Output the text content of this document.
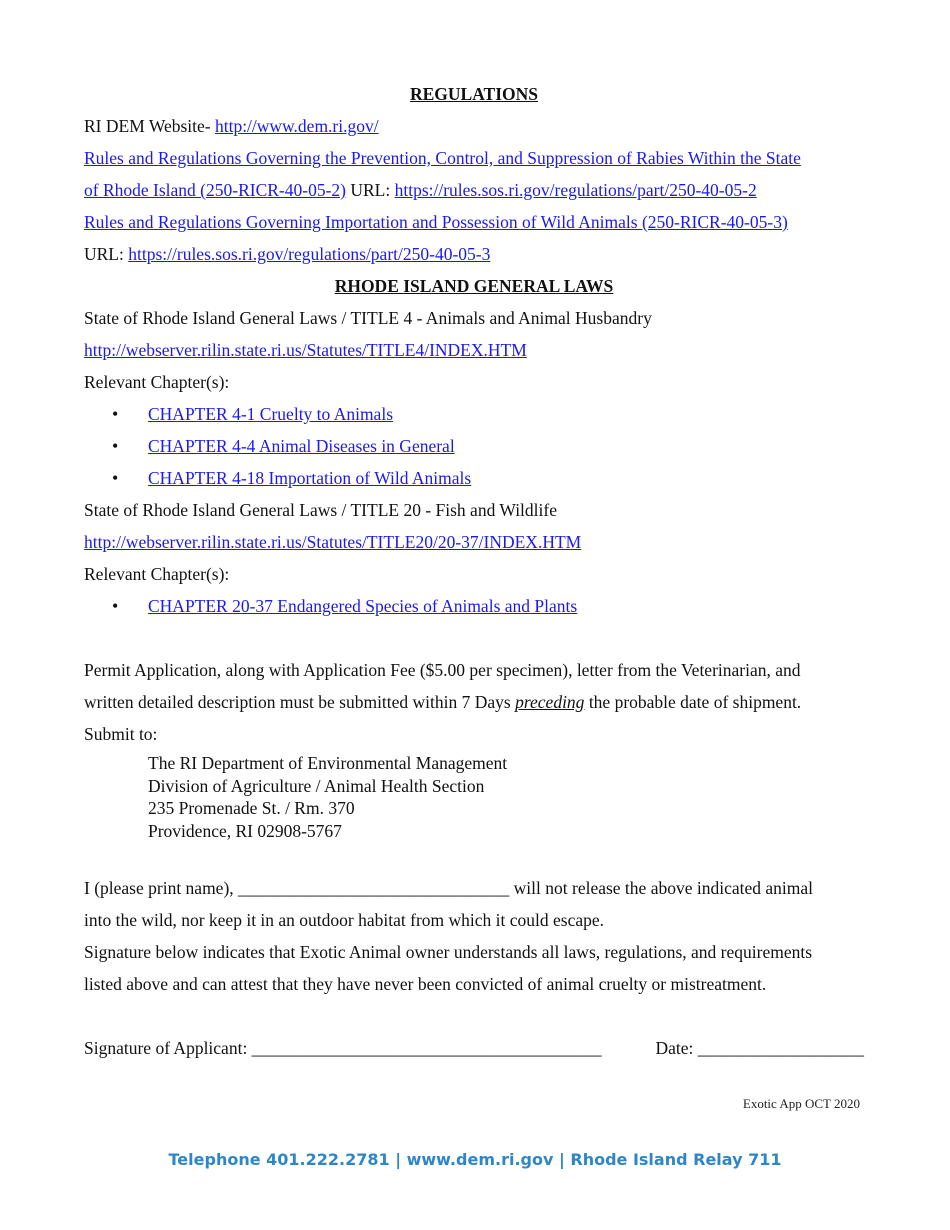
REGULATIONS
RI DEM Website- http://www.dem.ri.gov/
Rules and Regulations Governing the Prevention, Control, and Suppression of Rabies Within the State
of Rhode Island (250-RICR-40-05-2) URL: https://rules.sos.ri.gov/regulations/part/250-40-05-2
Rules and Regulations Governing Importation and Possession of Wild Animals (250-RICR-40-05-3)
URL: https://rules.sos.ri.gov/regulations/part/250-40-05-3
RHODE ISLAND GENERAL LAWS
State of Rhode Island General Laws / TITLE 4 - Animals and Animal Husbandry
http://webserver.rilin.state.ri.us/Statutes/TITLE4/INDEX.HTM
Relevant Chapter(s):
• CHAPTER 4-1 Cruelty to Animals
• CHAPTER 4-4 Animal Diseases in General
• CHAPTER 4-18 Importation of Wild Animals
State of Rhode Island General Laws / TITLE 20 - Fish and Wildlife
http://webserver.rilin.state.ri.us/Statutes/TITLE20/20-37/INDEX.HTM
Relevant Chapter(s):
• CHAPTER 20-37 Endangered Species of Animals and Plants
Permit Application, along with Application Fee ($5.00 per specimen), letter from the Veterinarian, and
written detailed description must be submitted within 7 Days preceding the probable date of shipment.
Submit to:
The RI Department of Environmental Management
Division of Agriculture / Animal Health Section
235 Promenade St. / Rm. 370
Providence, RI 02908-5767
I (please print name), _______________________________ will not release the above indicated animal
into the wild, nor keep it in an outdoor habitat from which it could escape.
Signature below indicates that Exotic Animal owner understands all laws, regulations, and requirements
listed above and can attest that they have never been convicted of animal cruelty or mistreatment.
Signature of Applicant: ________________________________________	Date: ___________________
Exotic App OCT 2020
Telephone 401.222.2781 | www.dem.ri.gov | Rhode Island Relay 711
